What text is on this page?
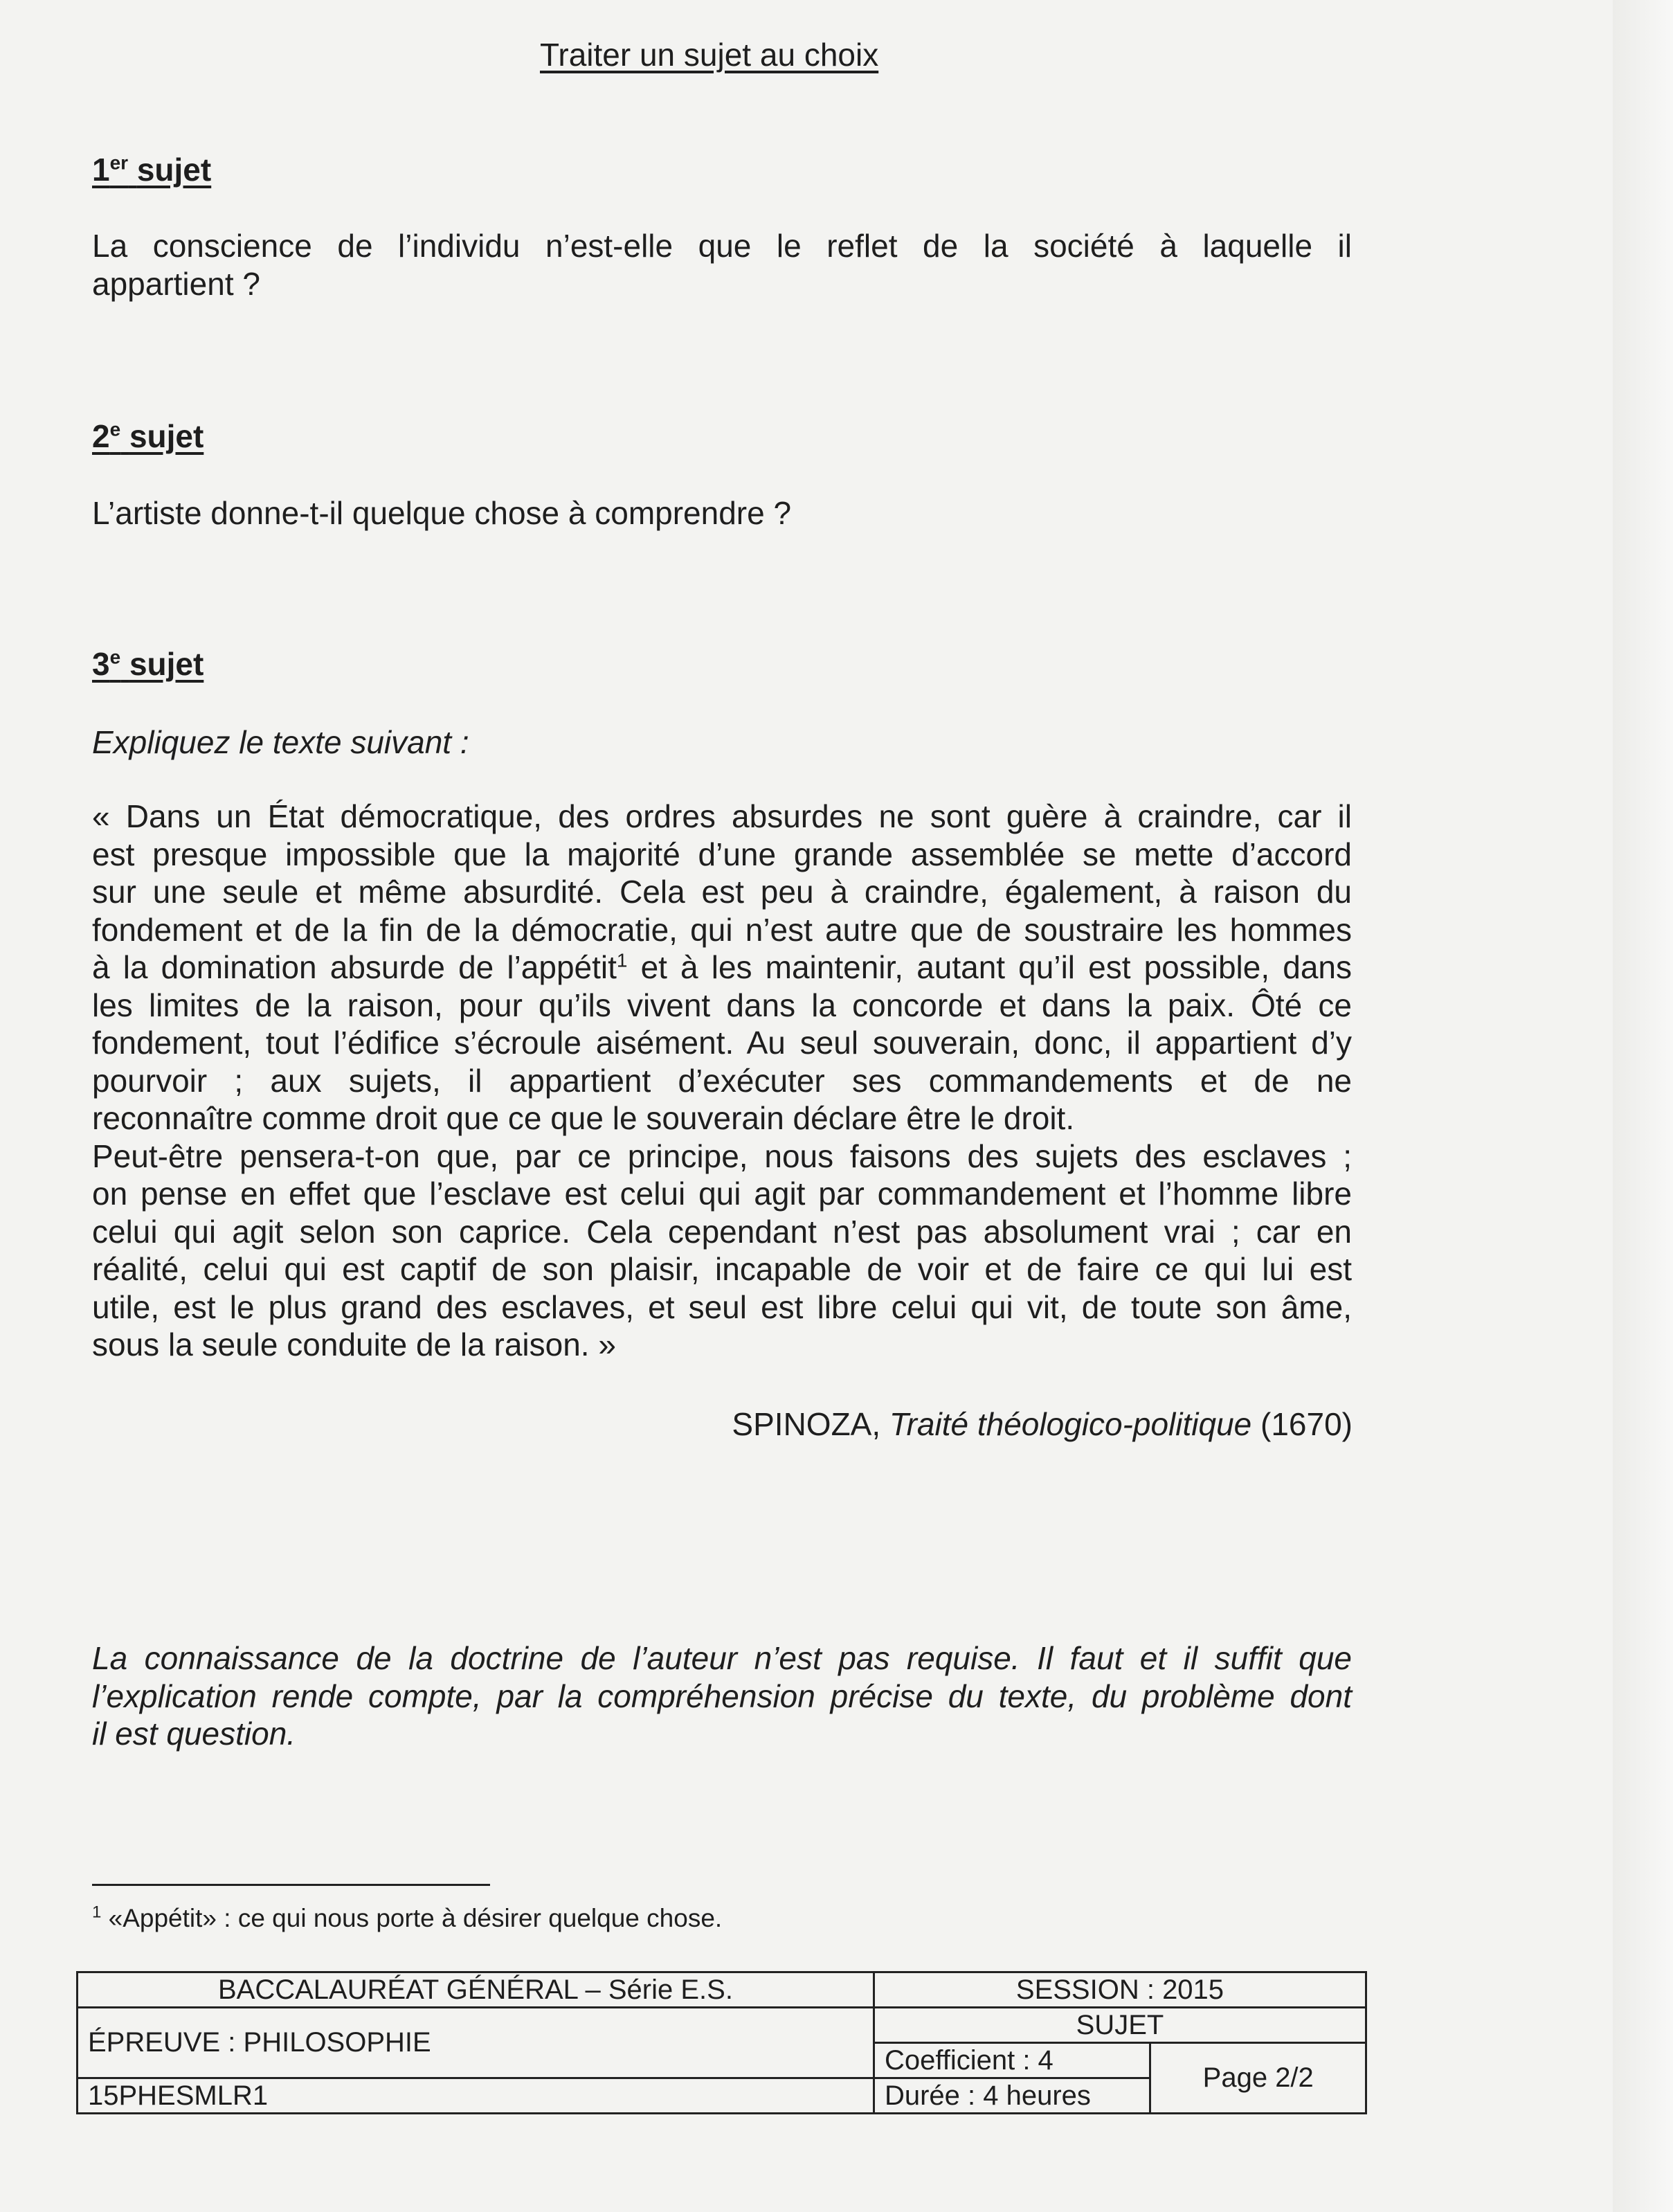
Traiter un sujet au choix
1er sujet
La conscience de l’individu n’est-elle que le reflet de la société à laquelle il
appartient ?
2e sujet
L’artiste donne-t-il quelque chose à comprendre ?
3e sujet
Expliquez le texte suivant :
« Dans un État démocratique, des ordres absurdes ne sont guère à craindre, car il
est presque impossible que la majorité d’une grande assemblée se mette d’accord
sur une seule et même absurdité. Cela est peu à craindre, également, à raison du
fondement et de la fin de la démocratie, qui n’est autre que de soustraire les hommes
à la domination absurde de l’appétit$^1$ et à les maintenir, autant qu’il est possible, dans
les limites de la raison, pour qu’ils vivent dans la concorde et dans la paix. Ôté ce
fondement, tout l’édifice s’écroule aisément. Au seul souverain, donc, il appartient d’y
pourvoir ; aux sujets, il appartient d’exécuter ses commandements et de ne
reconnaître comme droit que ce que le souverain déclare être le droit.
Peut-être pensera-t-on que, par ce principe, nous faisons des sujets des esclaves ;
on pense en effet que l’esclave est celui qui agit par commandement et l’homme libre
celui qui agit selon son caprice. Cela cependant n’est pas absolument vrai ; car en
réalité, celui qui est captif de son plaisir, incapable de voir et de faire ce qui lui est
utile, est le plus grand des esclaves, et seul est libre celui qui vit, de toute son âme,
sous la seule conduite de la raison. »
SPINOZA, Traité théologico-politique (1670)
La connaissance de la doctrine de l’auteur n’est pas requise. Il faut et il suffit que
l’explication rende compte, par la compréhension précise du texte, du problème dont
il est question.
$^1$ «Appétit» : ce qui nous porte à désirer quelque chose.
BACCALAURÉAT GÉNÉRAL – Série E.S.	SESSION : 2015	
ÉPREUVE : PHILOSOPHIE	SUJET	
	Coefficient : 4	Page 2/2
15PHESMLR1	Durée : 4 heures	
